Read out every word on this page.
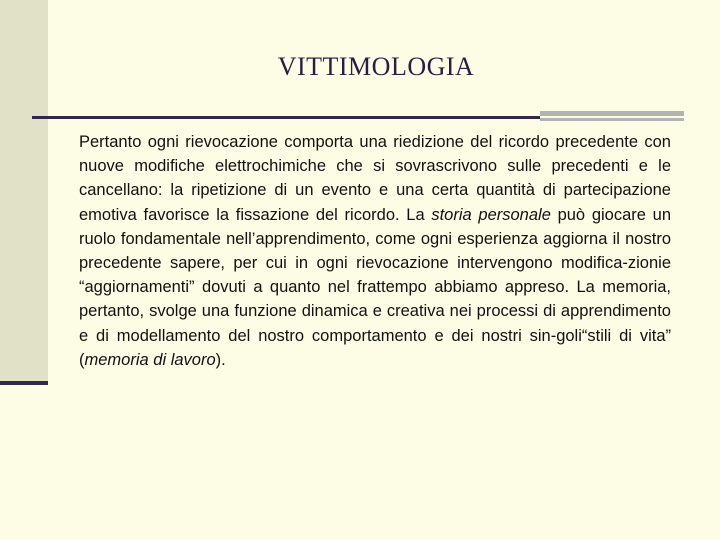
VITTIMOLOGIA

Pertanto ogni rievocazione comporta una riedizione del ricordo precedente con nuove modifiche elettrochimiche che si sovrascrivono sulle precedenti e le cancellano: la ripetizione di un evento e una certa quantità di partecipazione emotiva favorisce la fissazione del ricordo. La storia personale può giocare un ruolo fondamentale nell’apprendimento, come ogni esperienza aggiorna il nostro precedente sapere, per cui in ogni rievocazione intervengono modifica-zionie “aggiornamenti” dovuti a quanto nel frattempo abbiamo appreso. La memoria, pertanto, svolge una funzione dinamica e creativa nei processi di apprendimento e di modellamento del nostro comportamento e dei nostri sin-goli“stili di vita” (memoria di lavoro).
